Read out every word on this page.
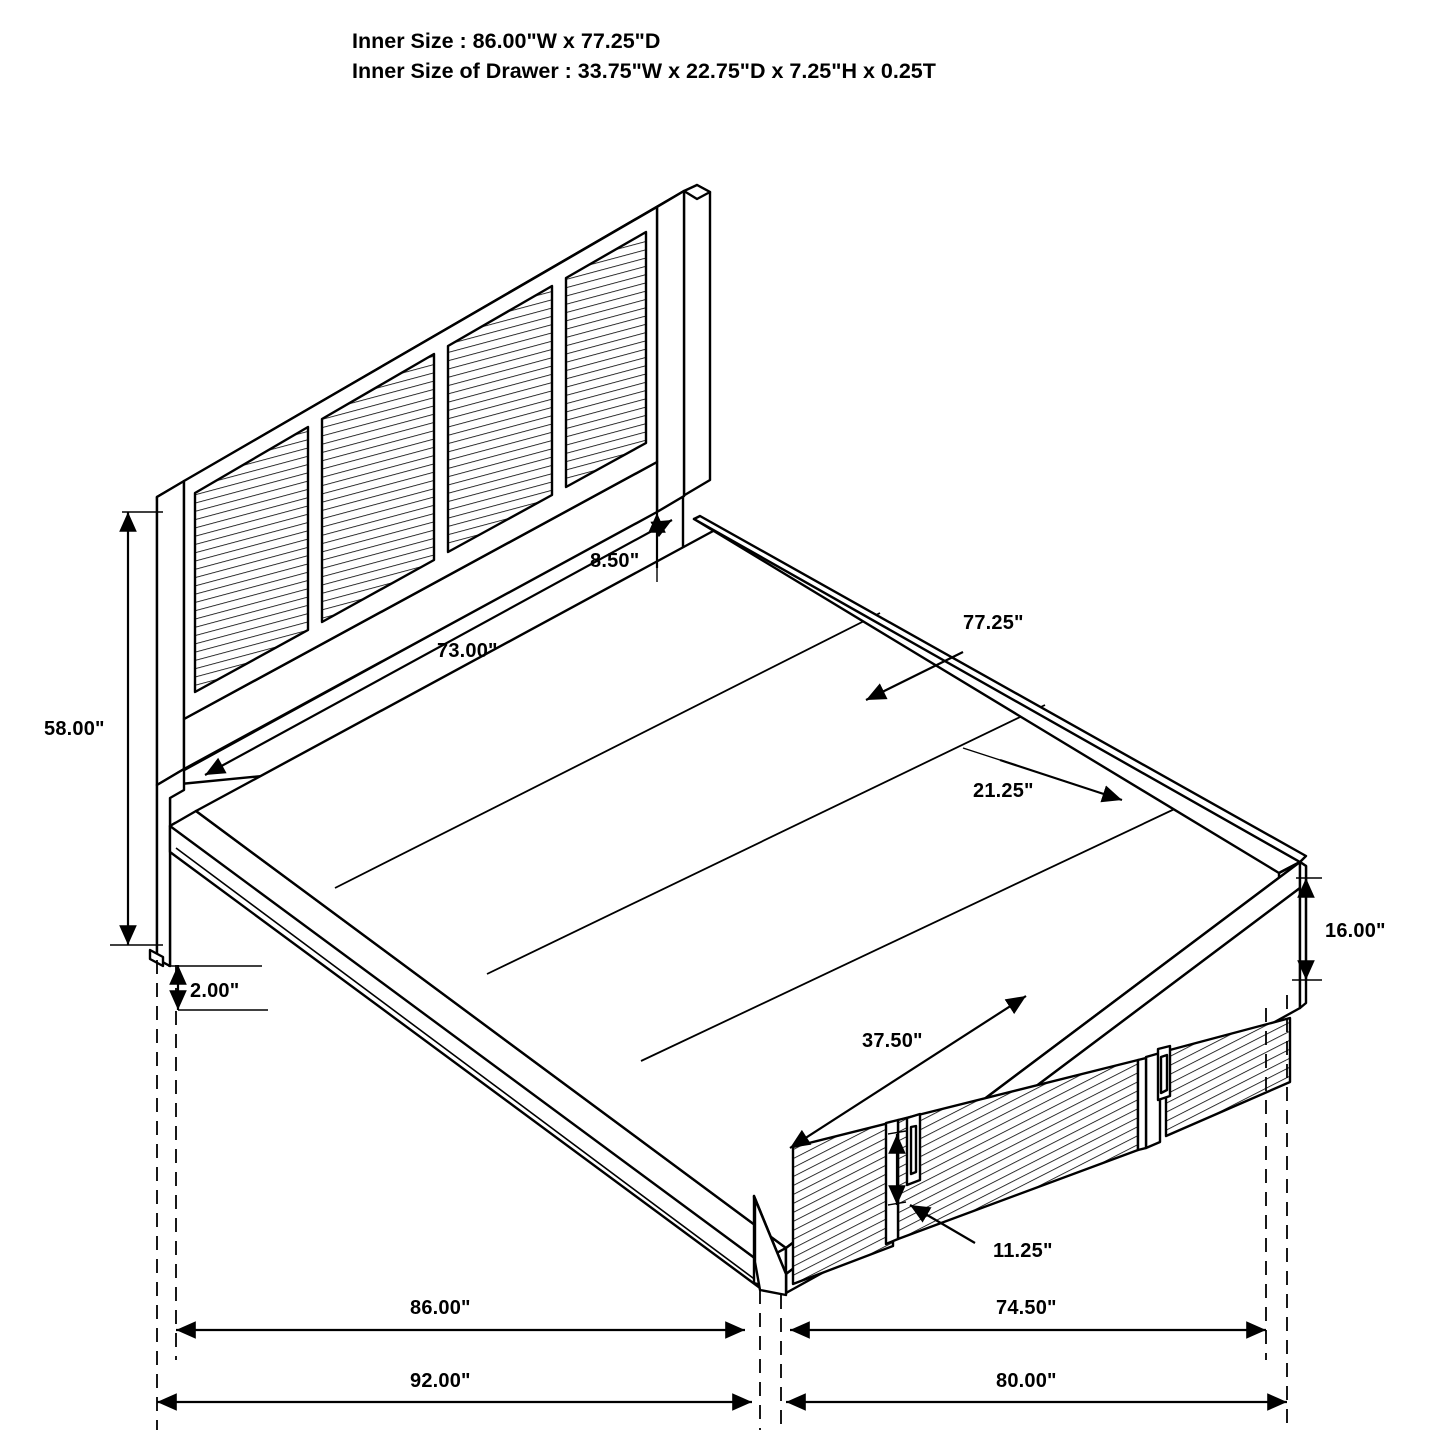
Inner Size : 86.00"W x 77.25"D
Inner Size of Drawer : 33.75"W x 22.75"D x 7.25"H x 0.25T
58.00"
2.00"
8.50"
73.00"
77.25"
21.25"
16.00"
37.50"
11.25"
86.00"	74.50"
92.00"	80.00"
